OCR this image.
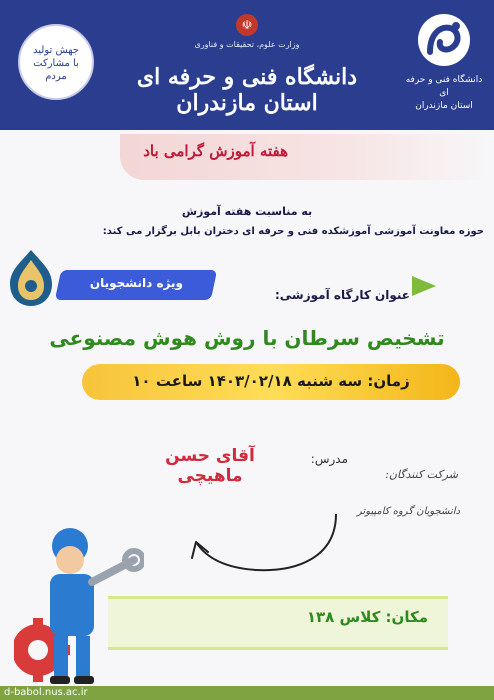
☫
وزارت علوم، تحقیقات و فناوری
دانشگاه فنی و حرفه ای استان مازندران
دانشگاه فنی و حرفه ای
استان مازندران
جهش تولید
با مشارکت مردم
هفته آموزش گرامی باد
به مناسبت هفته آموزش
حوزه معاونت آموزشی آموزشکده فنی و حرفه ای دختران بابل برگزار می کند:
ویژه دانشجویان
عنوان کارگاه آموزشی:
تشخیص سرطان با روش هوش مصنوعی
زمان: سه شنبه ۱۴۰۳/۰۲/۱۸ ساعت ۱۰
مدرس:
آقای حسن ماهیچی	شرکت کنندگان:
دانشجویان گروه کامپیوتر
مکان: کلاس ۱۳۸
d-babol.nus.ac.ir
